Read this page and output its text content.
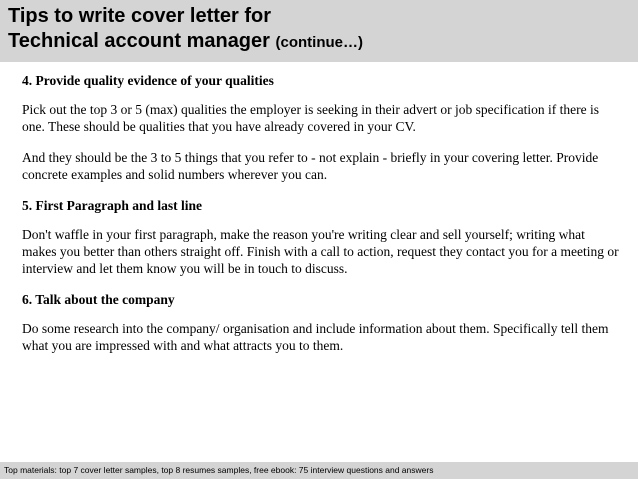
Tips to write cover letter for
Technical account manager (continue…)

4. Provide quality evidence of your qualities

Pick out the top 3 or 5 (max) qualities the employer is seeking in their advert or job specification if there is one. These should be qualities that you have already covered in your CV.

And they should be the 3 to 5 things that you refer to - not explain - briefly in your covering letter. Provide concrete examples and solid numbers wherever you can.

5. First Paragraph and last line

Don't waffle in your first paragraph, make the reason you're writing clear and sell yourself; writing what makes you better than others straight off. Finish with a call to action, request they contact you for a meeting or interview and let them know you will be in touch to discuss.

6. Talk about the company

Do some research into the company/ organisation and include information about them. Specifically tell them what you are impressed with and what attracts you to them.

Top materials: top 7 cover letter samples, top 8 resumes samples, free ebook: 75 interview questions and answers
